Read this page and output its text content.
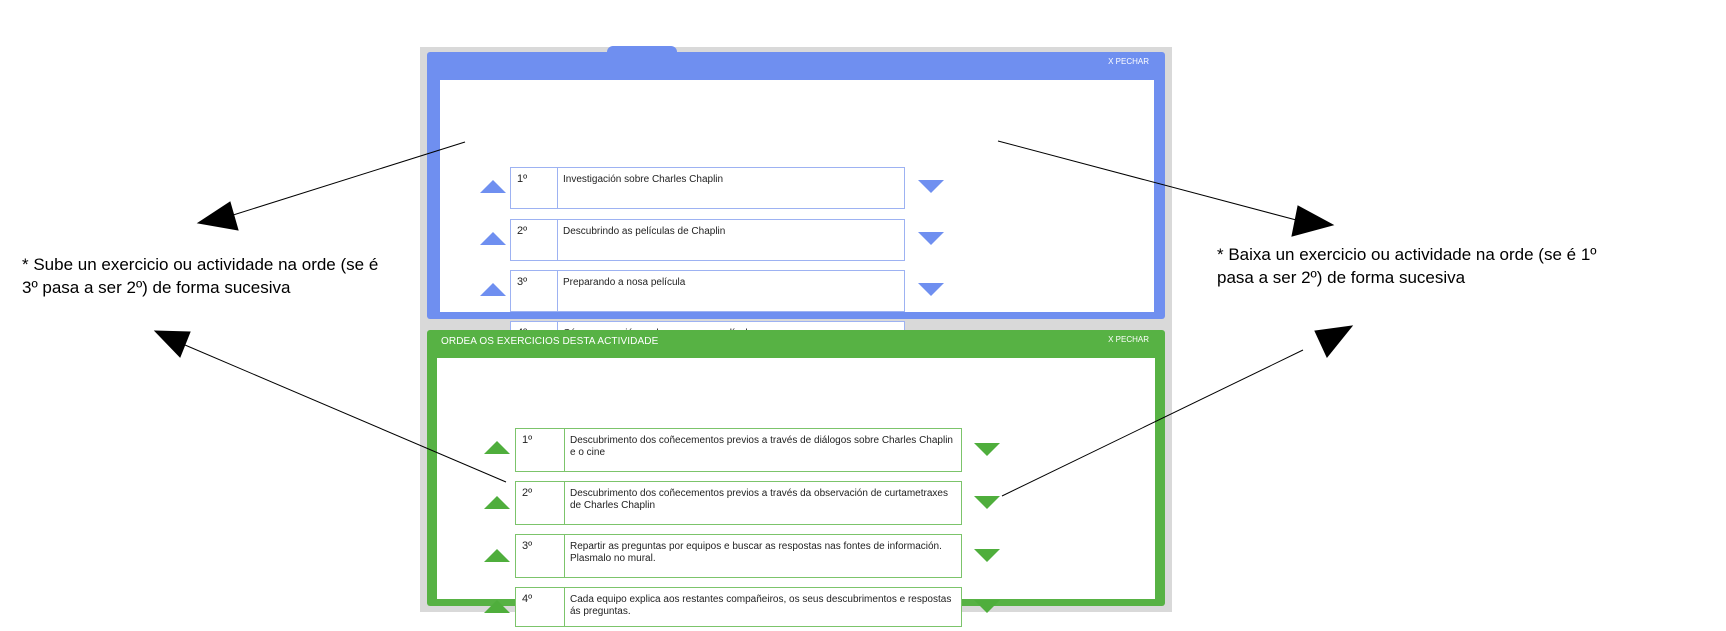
X PECHAR
1º	Investigación sobre Charles Chaplin
2º	Descubrindo as películas de Chaplin
3º	Preparando a nosa película
ORDEA OS EXERCICIOS DESTA ACTIVIDADE	X PECHAR
1º	Descubrimento dos coñecementos previos a través de diálogos sobre Charles Chaplin e o cine
2º	Descubrimento dos coñecementos previos a través da observación de curtametraxes de Charles Chaplin
3º	Repartir as preguntas por equipos e buscar as respostas nas fontes de información. Plasmalo no mural.
4º	Cada equipo explica aos restantes compañeiros, os seus descubrimentos e respostas ás preguntas.
* Sube un exercicio ou actividade na orde (se é 3º pasa a ser 2º) de forma sucesiva
* Baixa un exercicio ou actividade na orde (se é 1º pasa a ser 2º) de forma sucesiva
